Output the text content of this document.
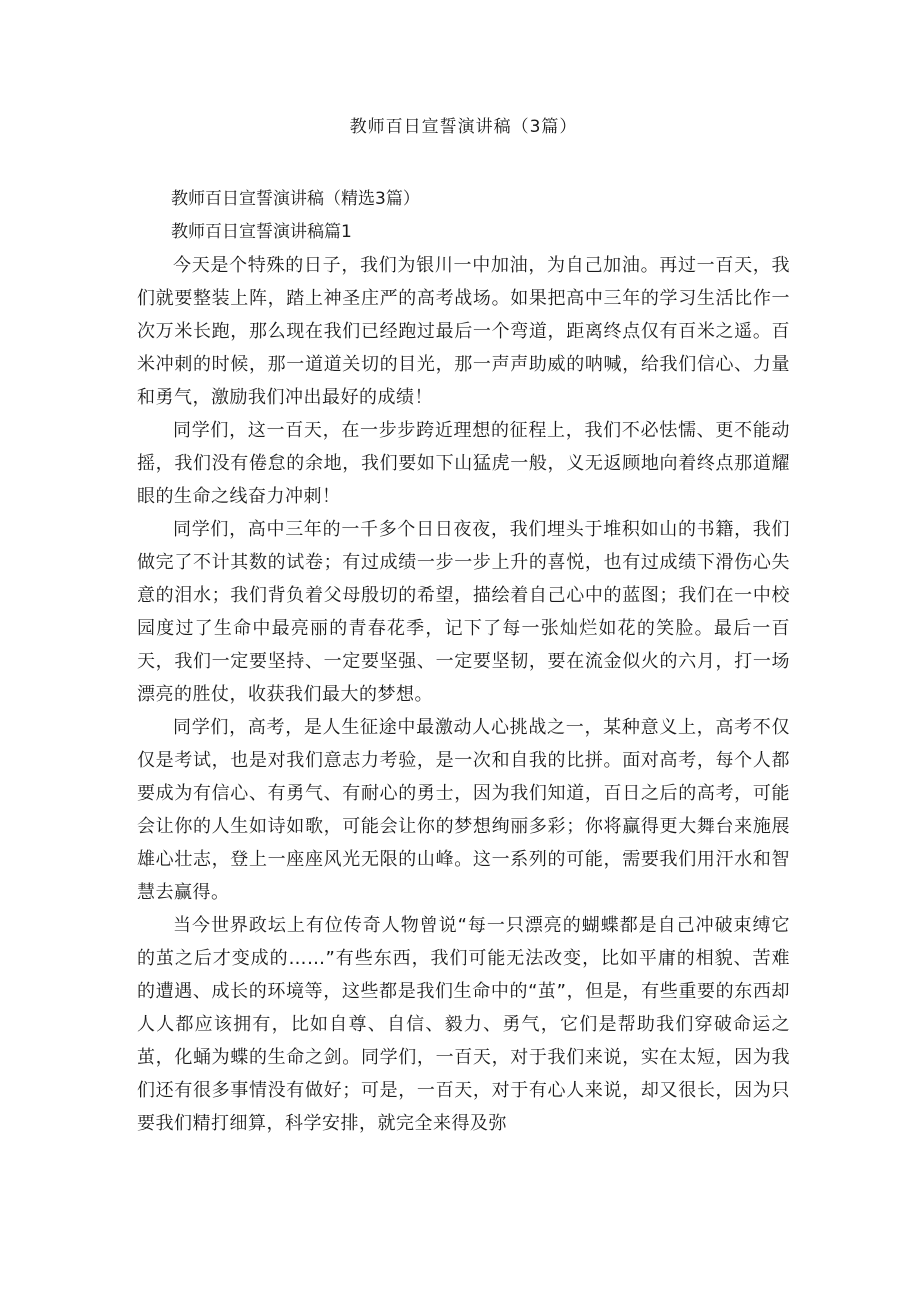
教师百日宣誓演讲稿（3篇）

教师百日宣誓演讲稿（精选3篇）

教师百日宣誓演讲稿篇1

今天是个特殊的日子，我们为银川一中加油，为自己加油。再过一百天，我们就要整装上阵，踏上神圣庄严的高考战场。如果把高中三年的学习生活比作一次万米长跑，那么现在我们已经跑过最后一个弯道，距离终点仅有百米之遥。百米冲刺的时候，那一道道关切的目光，那一声声助威的呐喊，给我们信心、力量和勇气，激励我们冲出最好的成绩！

同学们，这一百天，在一步步跨近理想的征程上，我们不必怯懦、更不能动摇，我们没有倦怠的余地，我们要如下山猛虎一般，义无返顾地向着终点那道耀眼的生命之线奋力冲刺！

同学们，高中三年的一千多个日日夜夜，我们埋头于堆积如山的书籍，我们做完了不计其数的试卷；有过成绩一步一步上升的喜悦，也有过成绩下滑伤心失意的泪水；我们背负着父母殷切的希望，描绘着自己心中的蓝图；我们在一中校园度过了生命中最亮丽的青春花季，记下了每一张灿烂如花的笑脸。最后一百天，我们一定要坚持、一定要坚强、一定要坚韧，要在流金似火的六月，打一场漂亮的胜仗，收获我们最大的梦想。

同学们，高考，是人生征途中最激动人心挑战之一，某种意义上，高考不仅仅是考试，也是对我们意志力考验，是一次和自我的比拼。面对高考，每个人都要成为有信心、有勇气、有耐心的勇士，因为我们知道，百日之后的高考，可能会让你的人生如诗如歌，可能会让你的梦想绚丽多彩；你将赢得更大舞台来施展雄心壮志，登上一座座风光无限的山峰。这一系列的可能，需要我们用汗水和智慧去赢得。

当今世界政坛上有位传奇人物曾说“每一只漂亮的蝴蝶都是自己冲破束缚它的茧之后才变成的……”有些东西，我们可能无法改变，比如平庸的相貌、苦难的遭遇、成长的环境等，这些都是我们生命中的“茧”，但是，有些重要的东西却人人都应该拥有，比如自尊、自信、毅力、勇气，它们是帮助我们穿破命运之茧，化蛹为蝶的生命之剑。同学们，一百天，对于我们来说，实在太短，因为我们还有很多事情没有做好；可是，一百天，对于有心人来说，却又很长，因为只要我们精打细算，科学安排，就完全来得及弥
